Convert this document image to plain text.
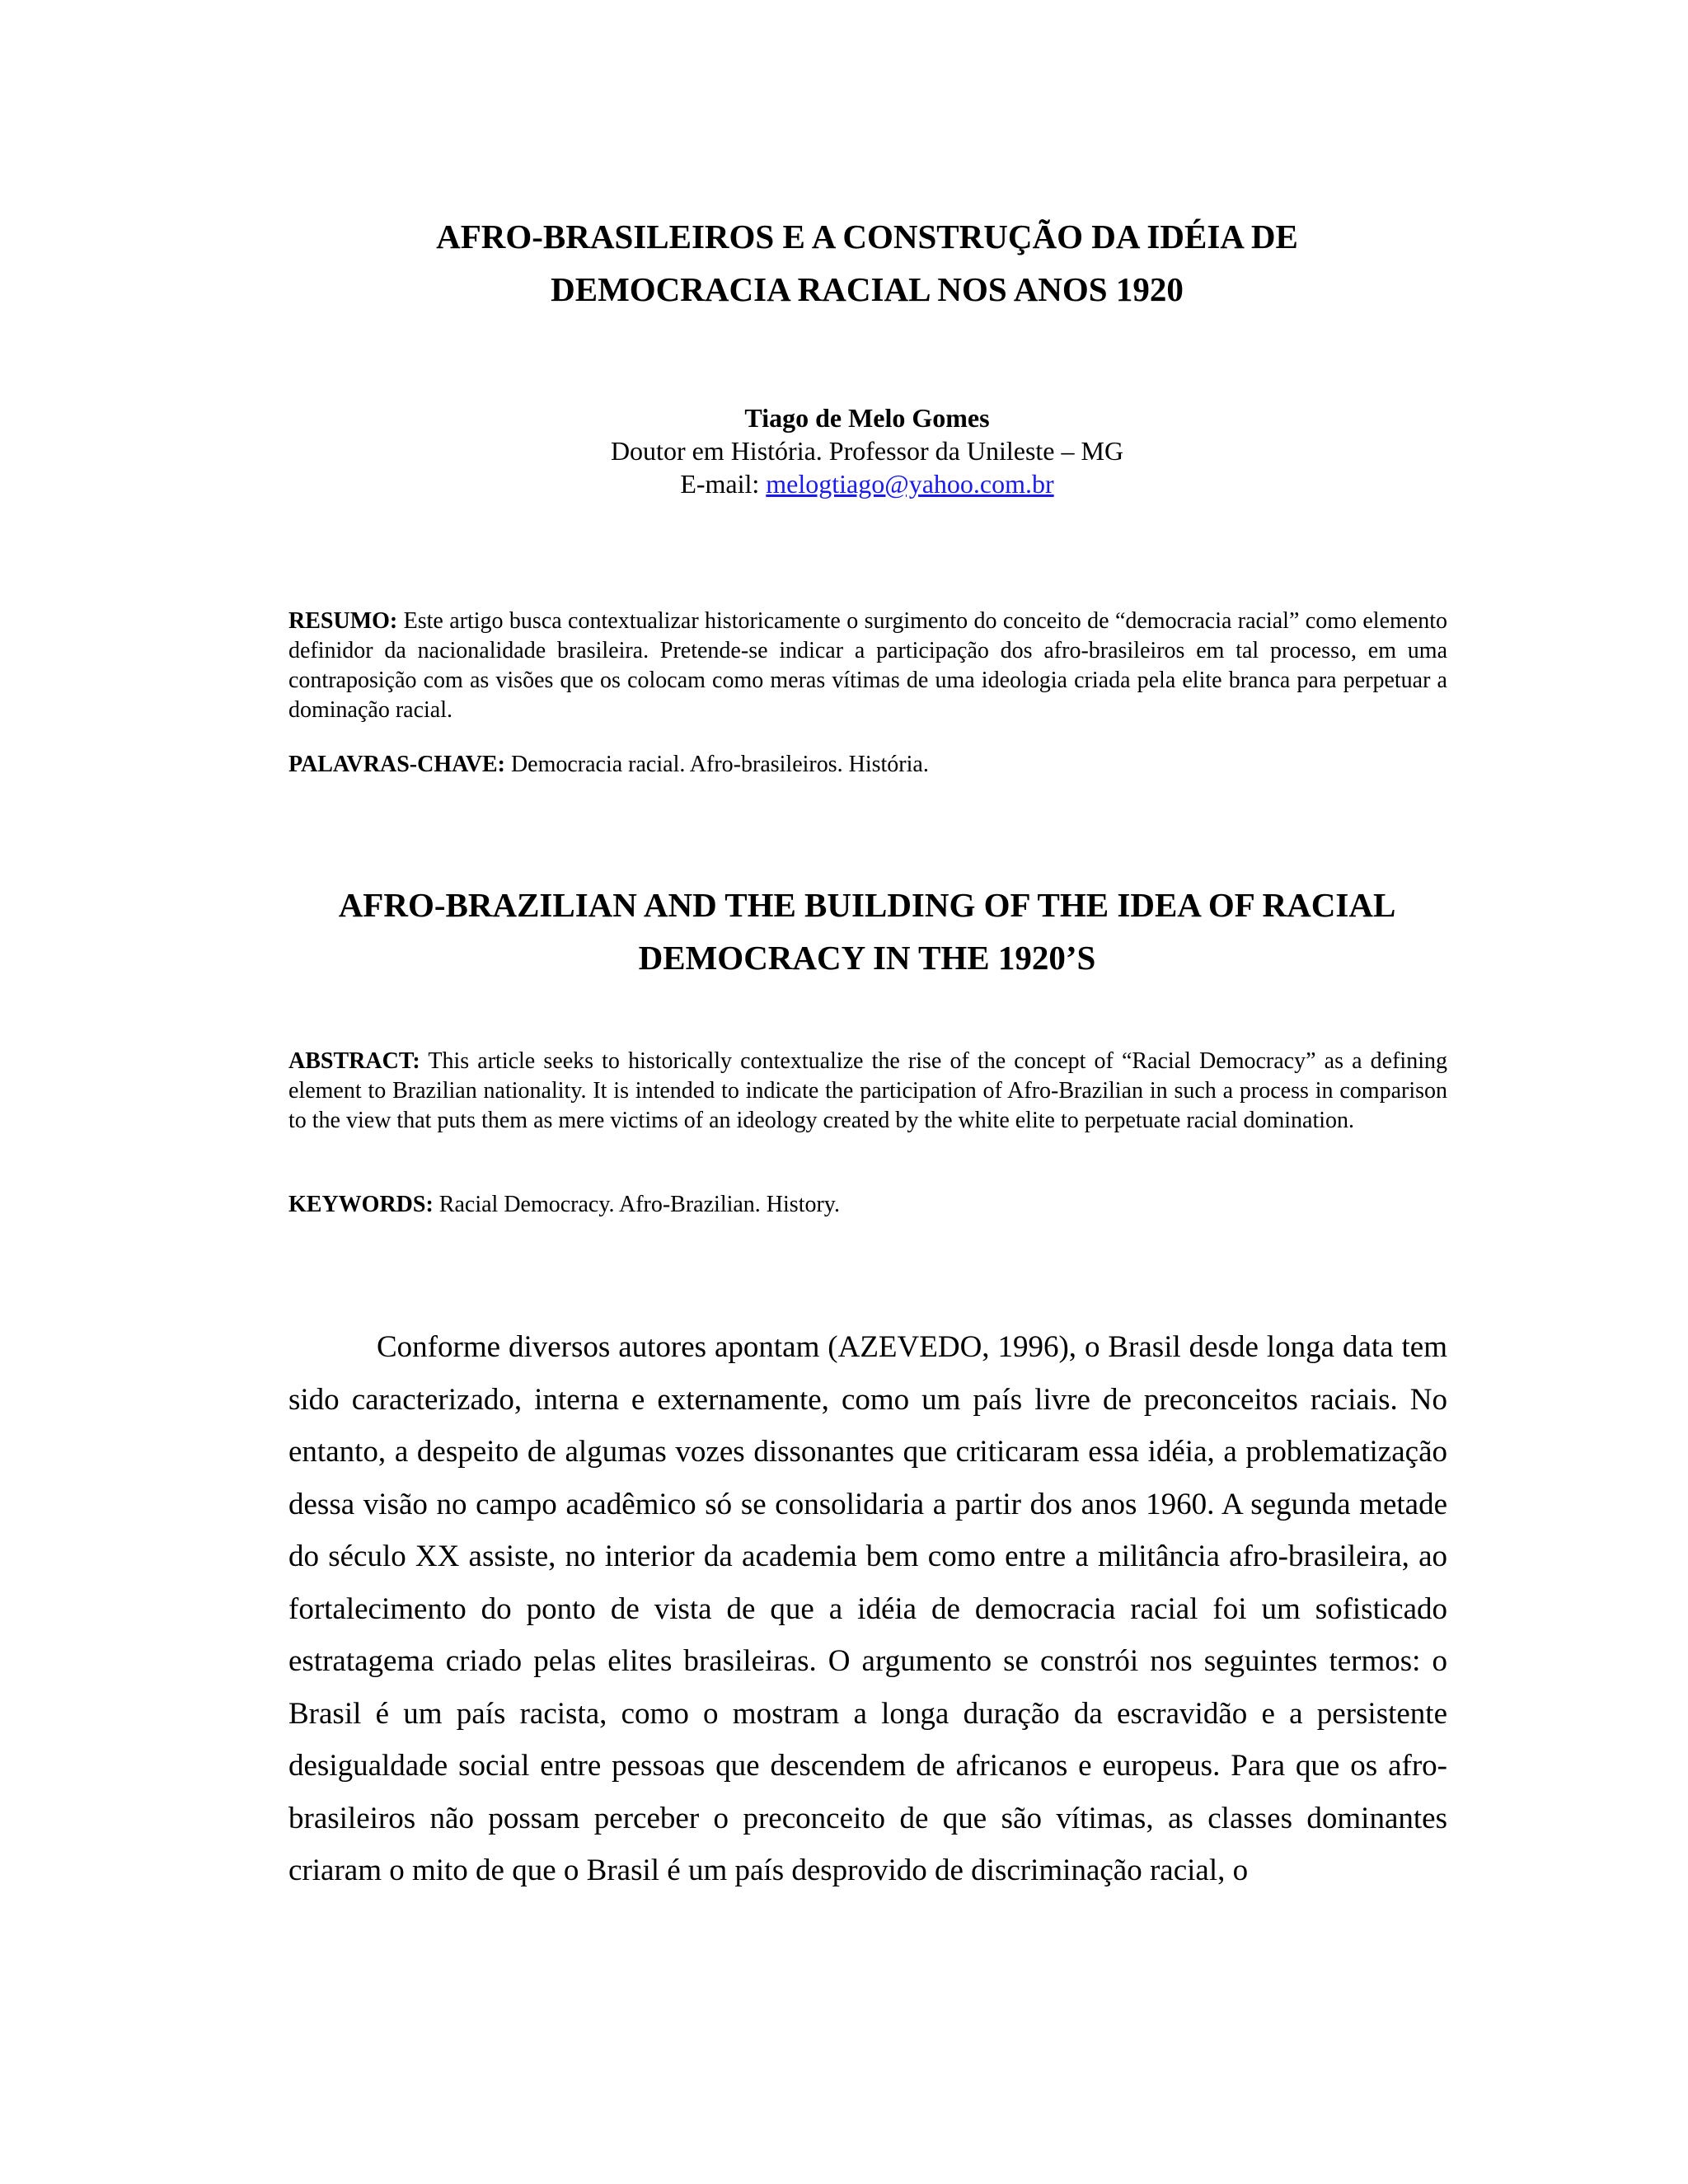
AFRO-BRASILEIROS E A CONSTRUÇÃO DA IDÉIA DE
DEMOCRACIA RACIAL NOS ANOS 1920
Tiago de Melo Gomes
Doutor em História. Professor da Unileste – MG
E-mail: melogtiago@yahoo.com.br

RESUMO: Este artigo busca contextualizar historicamente o surgimento do conceito de “democracia racial” como elemento definidor da nacionalidade brasileira. Pretende-se indicar a participação dos afro-brasileiros em tal processo, em uma contraposição com as visões que os colocam como meras vítimas de uma ideologia criada pela elite branca para perpetuar a dominação racial.

PALAVRAS-CHAVE: Democracia racial. Afro-brasileiros. História.

AFRO-BRAZILIAN AND THE BUILDING OF THE IDEA OF RACIAL
DEMOCRACY IN THE 1920’S

ABSTRACT: This article seeks to historically contextualize the rise of the concept of “Racial Democracy” as a defining element to Brazilian nationality. It is intended to indicate the participation of Afro-Brazilian in such a process in comparison to the view that puts them as mere victims of an ideology created by the white elite to perpetuate racial domination.

KEYWORDS: Racial Democracy. Afro-Brazilian. History.

Conforme diversos autores apontam (AZEVEDO, 1996), o Brasil desde longa data tem sido caracterizado, interna e externamente, como um país livre de preconceitos raciais. No entanto, a despeito de algumas vozes dissonantes que criticaram essa idéia, a problematização dessa visão no campo acadêmico só se consolidaria a partir dos anos 1960. A segunda metade do século XX assiste, no interior da academia bem como entre a militância afro-brasileira, ao fortalecimento do ponto de vista de que a idéia de democracia racial foi um sofisticado estratagema criado pelas elites brasileiras. O argumento se constrói nos seguintes termos: o Brasil é um país racista, como o mostram a longa duração da escravidão e a persistente desigualdade social entre pessoas que descendem de africanos e europeus. Para que os afro-brasileiros não possam perceber o preconceito de que são vítimas, as classes dominantes criaram o mito de que o Brasil é um país desprovido de discriminação racial, o
